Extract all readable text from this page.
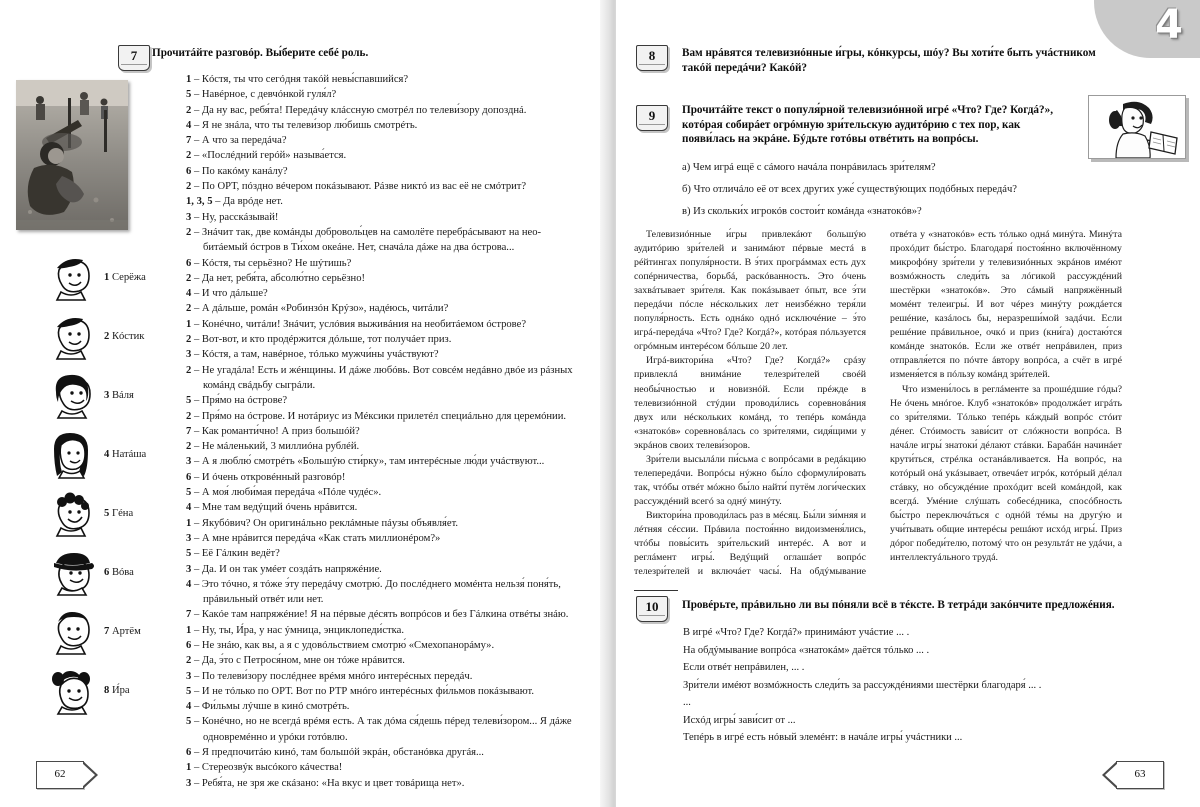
4
7	Прочитáйте разговóр. Вы́берите себé роль.
1 – Кóстя, ты что сегóдня такóй невы́спавшийся?
5 – Навéрное, с девчóнкой гуля́л?
2 – Да ну вас, ребя́та! Передáчу клáссную смотрéл по телеви́зору допозднá.
4 – Я не знáла, что ты телеви́зор лю́бишь смотрéть.
7 – А что за передáча?
2 – «Послéдний герóй» называ́ется.
6 – По какóму канáлу?
2 – По ОРТ, пóздно вéчером покáзывают. Рáзве никтó из вас её не смóтрит?
1, 3, 5 – Да врóде нет.
3 – Ну, расскáзывай!
2 – Знáчит так, две комáнды доброволь́цев на самолёте перебрáсывают на нео-
битáемый óстров в Ти́хом океáне. Нет, сначáла дáже на два óстрова...
6 – Кóстя, ты серьёзно? Не шýтишь?
2 – Да нет, ребя́та, абсолю́тно серьёзно!
4 – И что дáльше?
2 – А дáльше, ромáн «Робинзóн Крýзо», надéюсь, читáли?
1 – Конéчно, читáли! Знáчит, услóвия выживáния на необитáемом óстрове?
2 – Вот-вот, и кто продéржится дóльше, тот получáет приз.
3 – Кóстя, а там, навéрное, тóлько мужчи́ны учáствуют?
2 – Не угадáла! Есть и жéнщины. И дáже любóвь. Вот совсéм недáвно двóе из рáзных
комáнд свáдьбу сыгрáли.
5 – Пря́мо на óстрове?
2 – Пря́мо на óстрове. И нотáриус из Мéксики прилетéл специáльно для церемóнии.
7 – Как романти́чно! А приз большóй?
2 – Не мáленький, 3 миллиóна рублéй.
3 – А я люблю́ смотрéть «Большýю сти́рку», там интерéсные лю́ди учáствуют...
6 – И óчень откровéнный разговóр!
5 – А моя́ люби́мая передáча «Пóле чудéс».
4 – Мне там ведýщий óчень нрáвится.
1 – Якубóвич? Он оригинáльно реклáмные пáузы объявля́ет.
3 – А мне нрáвится передáча «Как стать миллионéром?»
5 – Её Гáлкин ведёт?
3 – Да. И он так умéет создáть напряжéние.
4 – Это тóчно, я тóже э́ту передáчу смотрю́. До послéднего момéнта нельзя́ поня́ть,
прáвильный отвéт или нет.
7 – Какóе там напряжéние! Я на пéрвые дéсять вопрóсов и без Гáлкина отвéты знáю.
1 – Ну, ты, И́ра, у нас ýмница, энциклопеди́стка.
6 – Не знáю, как вы, а я с удовóльствием смотрю́ «Смехопанорáму».
2 – Да, э́то с Петрося́ном, мне он тóже нрáвится.
3 – По телеви́зору послéднее врéмя мнóго интерéсных передáч.
5 – И не тóлько по ОРТ. Вот по РТР мнóго интерéсных фи́льмов покáзывают.
4 – Фи́льмы лýчше в кинó смотрéть.
5 – Конéчно, но не всегдá врéмя есть. А так дóма ся́дешь пéред телеви́зором... Я дáже
одновремéнно и урóки готóвлю.
6 – Я предпочитáю кинó, там большóй экрáн, обстанóвка другáя...
1 – Стереозвýк высóкого кáчества!
3 – Ребя́та, не зря же скáзано: «На вкус и цвет товáрища нет».
1 Серёжа
2 Кóстик
3 Вáля
4 Натáша
5 Гéна
6 Вóва
7 Артём
8 И́ра
62
8	Вам нрáвятся телевизиóнные и́гры, кóнкурсы, шóу? Вы хоти́те быть учáстником такóй передáчи? Какóй?
9	Прочитáйте текст о популя́рной телевизиóнной игрé «Что? Где? Когдá?», котóрая собирáет огрóмную зри́тельскую аудитóрию с тех пор, как появи́лась на экрáне. Бýдьте готóвы отвéтить на вопрóсы.
а) Чем игрá ещё с сáмого начáла понрáвилась зри́телям?
б) Что отличáло её от всех других уже́ существýющих подóбных передáч?
в) Из скольки́х игрокóв состои́т комáнда «знатокóв»?

Телевизиóнные и́гры привлекáют большýю аудитóрию зри́телей и занимáют пéрвые местá в рéйтингах популя́рности. В э́тих прогрáммах есть дух сопéрничества, борьбá, раскóванность. Это óчень захвáтывает зри́теля. Как покáзывает óпыт, все э́ти передáчи пóсле нéскольких лет неизбéжно теря́ли популя́рность. Есть однáко однó исключéние – э́то игрá-передáча «Что? Где? Когдá?», котóрая пóльзуется огрóмным интерéсом бóльше 20 лет.

Игрá-виктори́на «Что? Где? Когдá?» срáзу привлеклá внимáние телезри́телей своéй необы́чностью и новизнóй. Если прéжде в телевизиóнной стýдии проводи́лись соревновáния двух или нéскольких комáнд, то тепéрь комáнда «знатокóв» соревновáлась со зри́телями, сидя́щими у экрáнов своих телеви́зоров.

Зри́тели высылáли пи́сьма с вопрóсами в редáкцию телепередáчи. Вопрóсы нýжно бы́ло сформули́ровать так, чтóбы отвéт мóжно бы́ло найти́ путём логи́ческих рассуждéний всегó за однý минýту.

Виктори́на проводи́лась раз в мéсяц. Бы́ли зи́мняя и лéтняя сéссии. Прáвила постоя́нно видоизменя́лись, чтóбы повы́сить зри́тельский интерéс. А вот и реглáмент игры́. Ведýщий оглашáет вопрóс телезри́телей и включáет часы́. На обдýмывание отвéта у «знатокóв» есть тóлько однá минýта. Минýта прохóдит бы́стро. Благодаря́ постоя́нно включённому микрофóну зри́тели у телевизиóнных экрáнов имéют возмóжность следи́ть за лóгикой рассуждéний шестёрки «знатокóв». Это сáмый напряжённый момéнт телеигры́. И вот чéрез минýту рождáется решéние, казáлось бы, неразреши́мой задáчи. Если решéние прáвильное, очкó и приз (кни́га) достаю́тся комáнде знатокóв. Если же отвéт непрáвилен, приз отправля́ется по пóчте áвтору вопрóса, а счёт в игрé изменя́ется в пóльзу комáнд зри́телей.

Что измени́лось в реглáменте за прошéдшие гóды? Не óчень мнóгое. Клуб «знатокóв» продолжáет игрáть со зри́телями. Тóлько тепéрь кáждый вопрóс стóит дéнег. Стóимость зави́сит от слóжности вопрóса. В начáле игры́ знатоки́ дéлают стáвки. Барабáн начинáет крути́ться, стрéлка останáвливается. На вопрóс, на котóрый онá укáзывает, отвечáет игрóк, котóрый дéлал стáвку, но обсуждéние прохóдит всей комáндой, как всегдá. Умéние слýшать собесéдника, спосóбность бы́стро переключáться с однóй тéмы на другýю и учи́тывать общие интерéсы решáют исхóд игры́. Приз дóрог победи́телю, потомý что он результáт не удáчи, а интеллектуáльного трудá.

10	Провéрьте, прáвильно ли вы пóняли всё в тéксте. В тетрáди закóнчите предложéния.
В игрé «Что? Где? Когдá?» принимáют учáстие ... .
На обдýмывание вопрóса «знатокáм» даётся тóлько ... .
Если отвéт непрáвилен, ... .
Зри́тели имéют возмóжность следи́ть за рассуждéниями шестёрки благодаря́ ... .
...
Исхóд игры́ зави́сит от ...
Тепéрь в игрé есть нóвый элемéнт: в начáле игры́ учáстники ...
63
